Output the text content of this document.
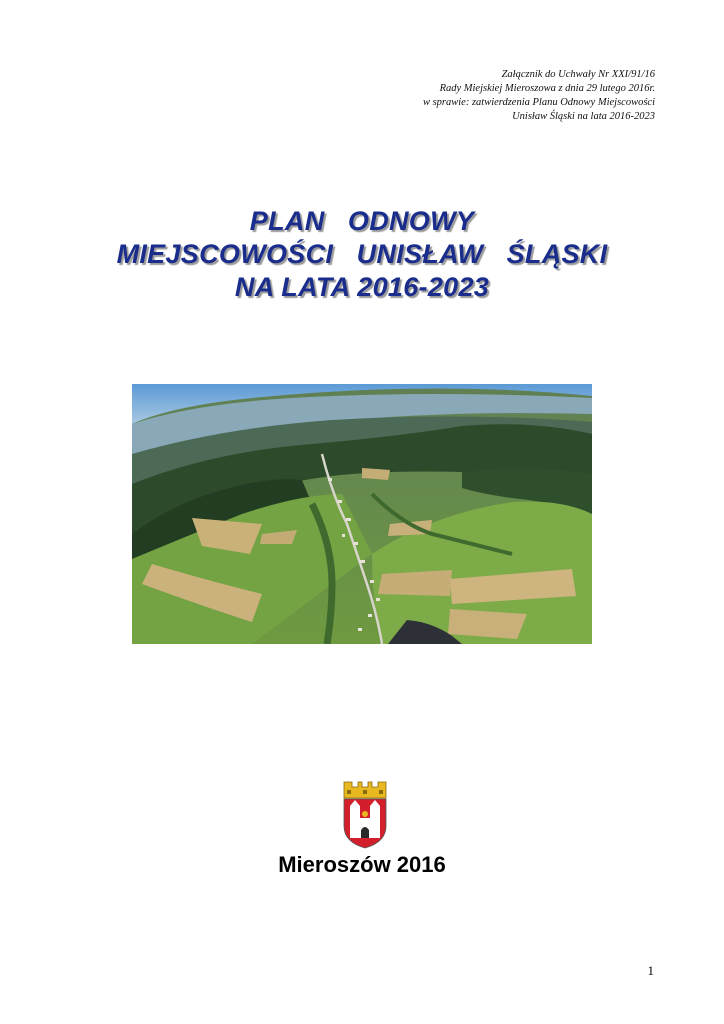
Załącznik do Uchwały Nr XXI/91/16
Rady Miejskiej Mieroszowa z dnia 29 lutego 2016r.
w sprawie: zatwierdzenia Planu Odnowy Miejscowości
Unisław Śląski na lata 2016-2023
PLAN   ODNOWY
MIEJSCOWOŚCI   UNISŁAW   ŚLĄSKI
NA LATA 2016-2023
Mieroszów 2016
1
